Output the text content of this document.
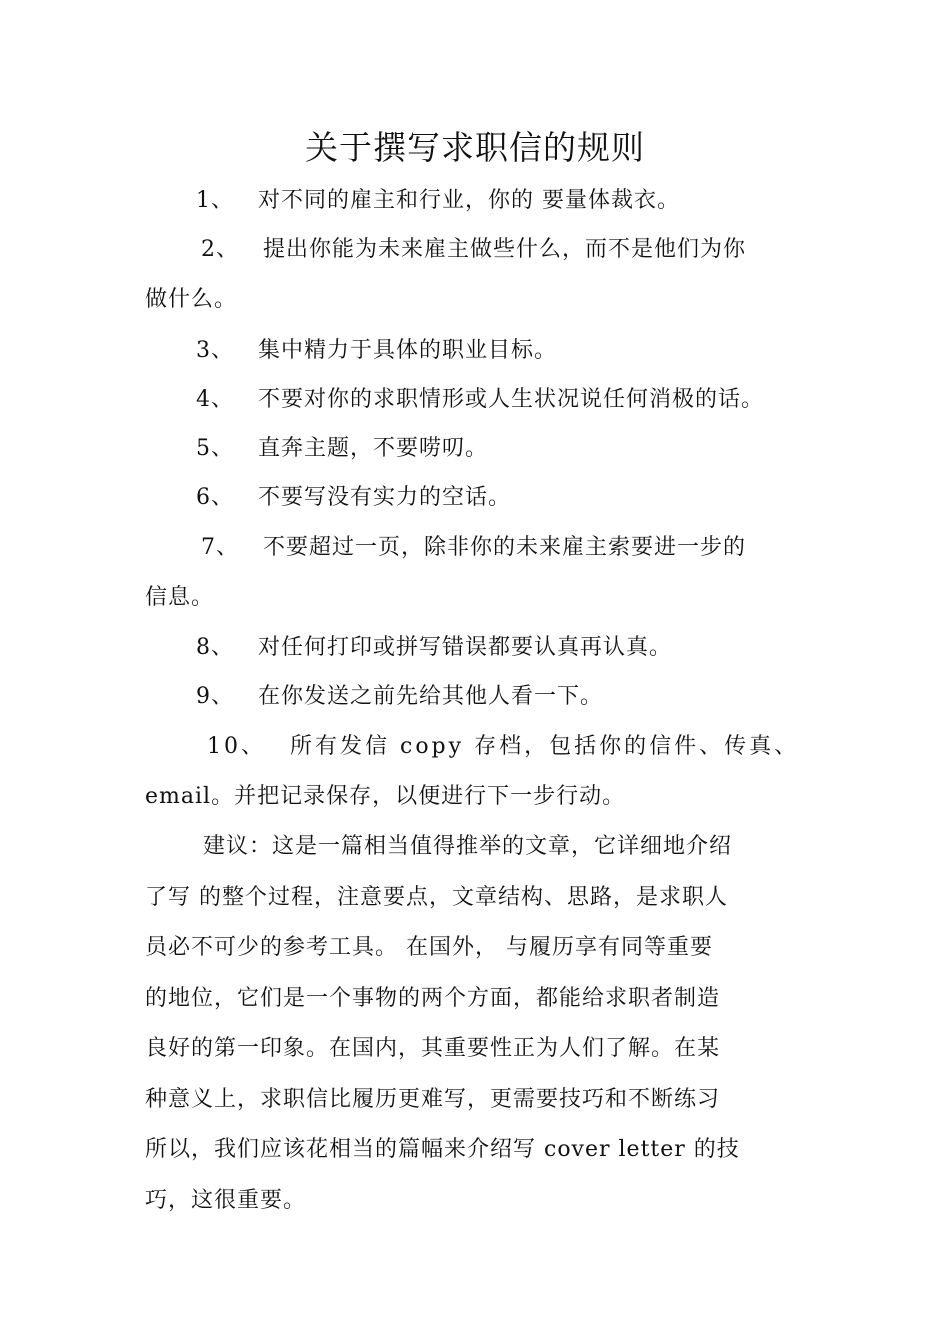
关于撰写求职信的规则

1、 对不同的雇主和行业，你的 要量体裁衣。

2、 提出你能为未来雇主做些什么，而不是他们为你
做什么。

3、 集中精力于具体的职业目标。

4、 不要对你的求职情形或人生状况说任何消极的话。

5、 直奔主题，不要唠叨。

6、 不要写没有实力的空话。

7、 不要超过一页，除非你的未来雇主索要进一步的
信息。

8、 对任何打印或拼写错误都要认真再认真。

9、 在你发送之前先给其他人看一下。

10、 所有发信 copy 存档，包括你的信件、传真、
email。并把记录保存，以便进行下一步行动。
建议：这是一篇相当值得推举的文章，它详细地介绍
了写 的整个过程，注意要点，文章结构、思路，是求职人
员必不可少的参考工具。 在国外， 与履历享有同等重要
的地位，它们是一个事物的两个方面，都能给求职者制造
良好的第一印象。在国内，其重要性正为人们了解。在某
种意义上，求职信比履历更难写，更需要技巧和不断练习
所以，我们应该花相当的篇幅来介绍写 cover letter 的技
巧，这很重要。
